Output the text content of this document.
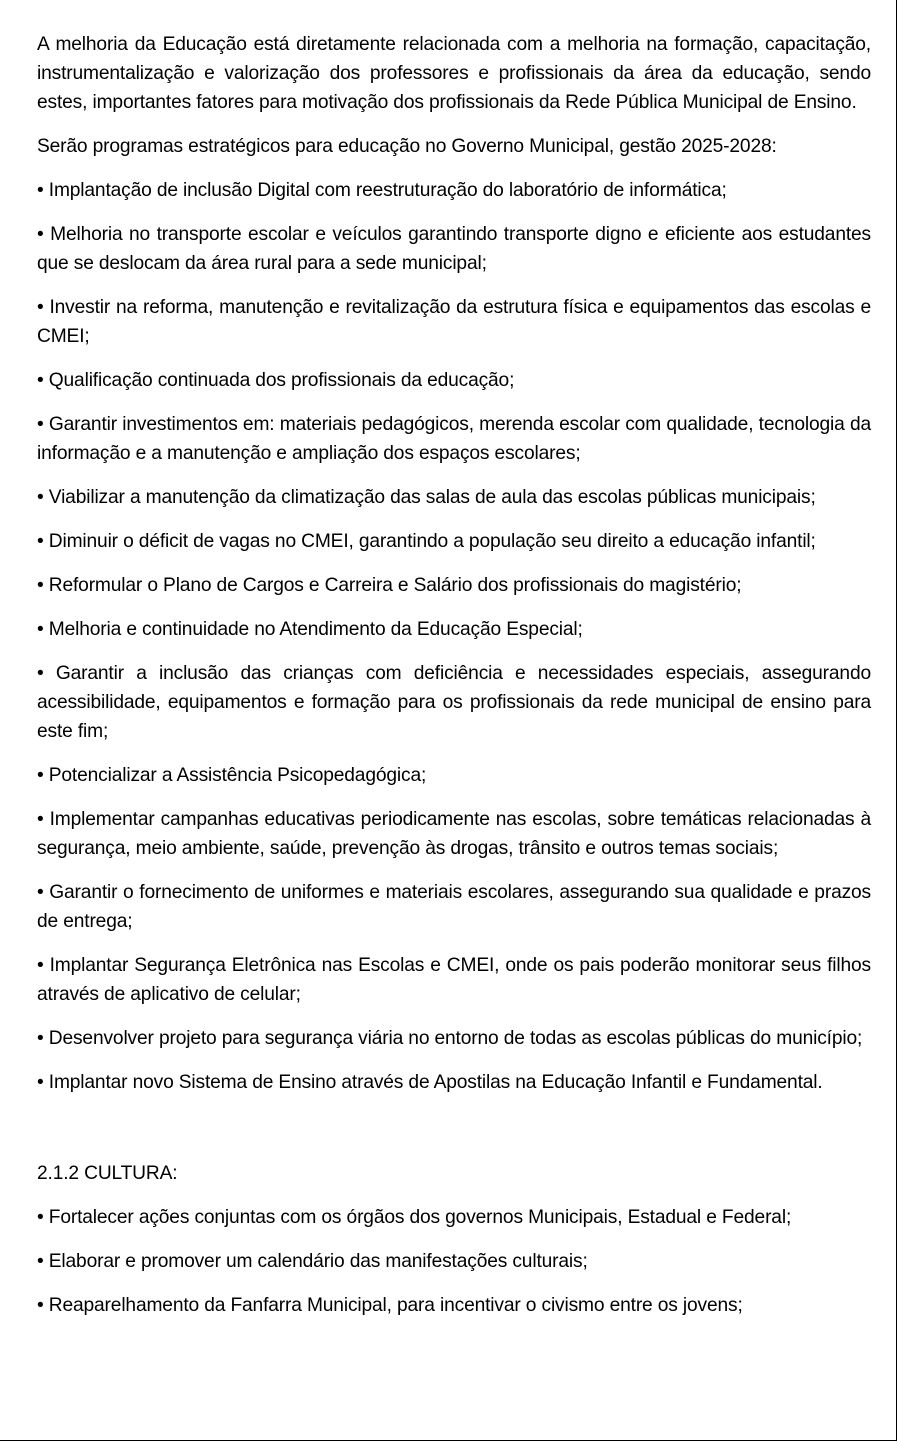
A melhoria da Educação está diretamente relacionada com a melhoria na formação, capacitação, instrumentalização e valorização dos professores e profissionais da área da educação, sendo estes, importantes fatores para motivação dos profissionais da Rede Pública Municipal de Ensino.

Serão programas estratégicos para educação no Governo Municipal, gestão 2025-2028:

• Implantação de inclusão Digital com reestruturação do laboratório de informática;

• Melhoria no transporte escolar e veículos garantindo transporte digno e eficiente aos estudantes que se deslocam da área rural para a sede municipal;

• Investir na reforma, manutenção e revitalização da estrutura física e equipamentos das escolas e CMEI;

• Qualificação continuada dos profissionais da educação;

• Garantir investimentos em: materiais pedagógicos, merenda escolar com qualidade, tecnologia da informação e a manutenção e ampliação dos espaços escolares;

• Viabilizar a manutenção da climatização das salas de aula das escolas públicas municipais;

• Diminuir o déficit de vagas no CMEI, garantindo a população seu direito a educação infantil;

• Reformular o Plano de Cargos e Carreira e Salário dos profissionais do magistério;

• Melhoria e continuidade no Atendimento da Educação Especial;

• Garantir a inclusão das crianças com deficiência e necessidades especiais, assegurando acessibilidade, equipamentos e formação para os profissionais da rede municipal de ensino para este fim;

• Potencializar a Assistência Psicopedagógica;

• Implementar campanhas educativas periodicamente nas escolas, sobre temáticas relacionadas à segurança, meio ambiente, saúde, prevenção às drogas, trânsito e outros temas sociais;

• Garantir o fornecimento de uniformes e materiais escolares, assegurando sua qualidade e prazos de entrega;

• Implantar Segurança Eletrônica nas Escolas e CMEI, onde os pais poderão monitorar seus filhos através de aplicativo de celular;

• Desenvolver projeto para segurança viária no entorno de todas as escolas públicas do município;

• Implantar novo Sistema de Ensino através de Apostilas na Educação Infantil e Fundamental.

2.1.2 CULTURA:

• Fortalecer ações conjuntas com os órgãos dos governos Municipais, Estadual e Federal;

• Elaborar e promover um calendário das manifestações culturais;

• Reaparelhamento da Fanfarra Municipal, para incentivar o civismo entre os jovens;
